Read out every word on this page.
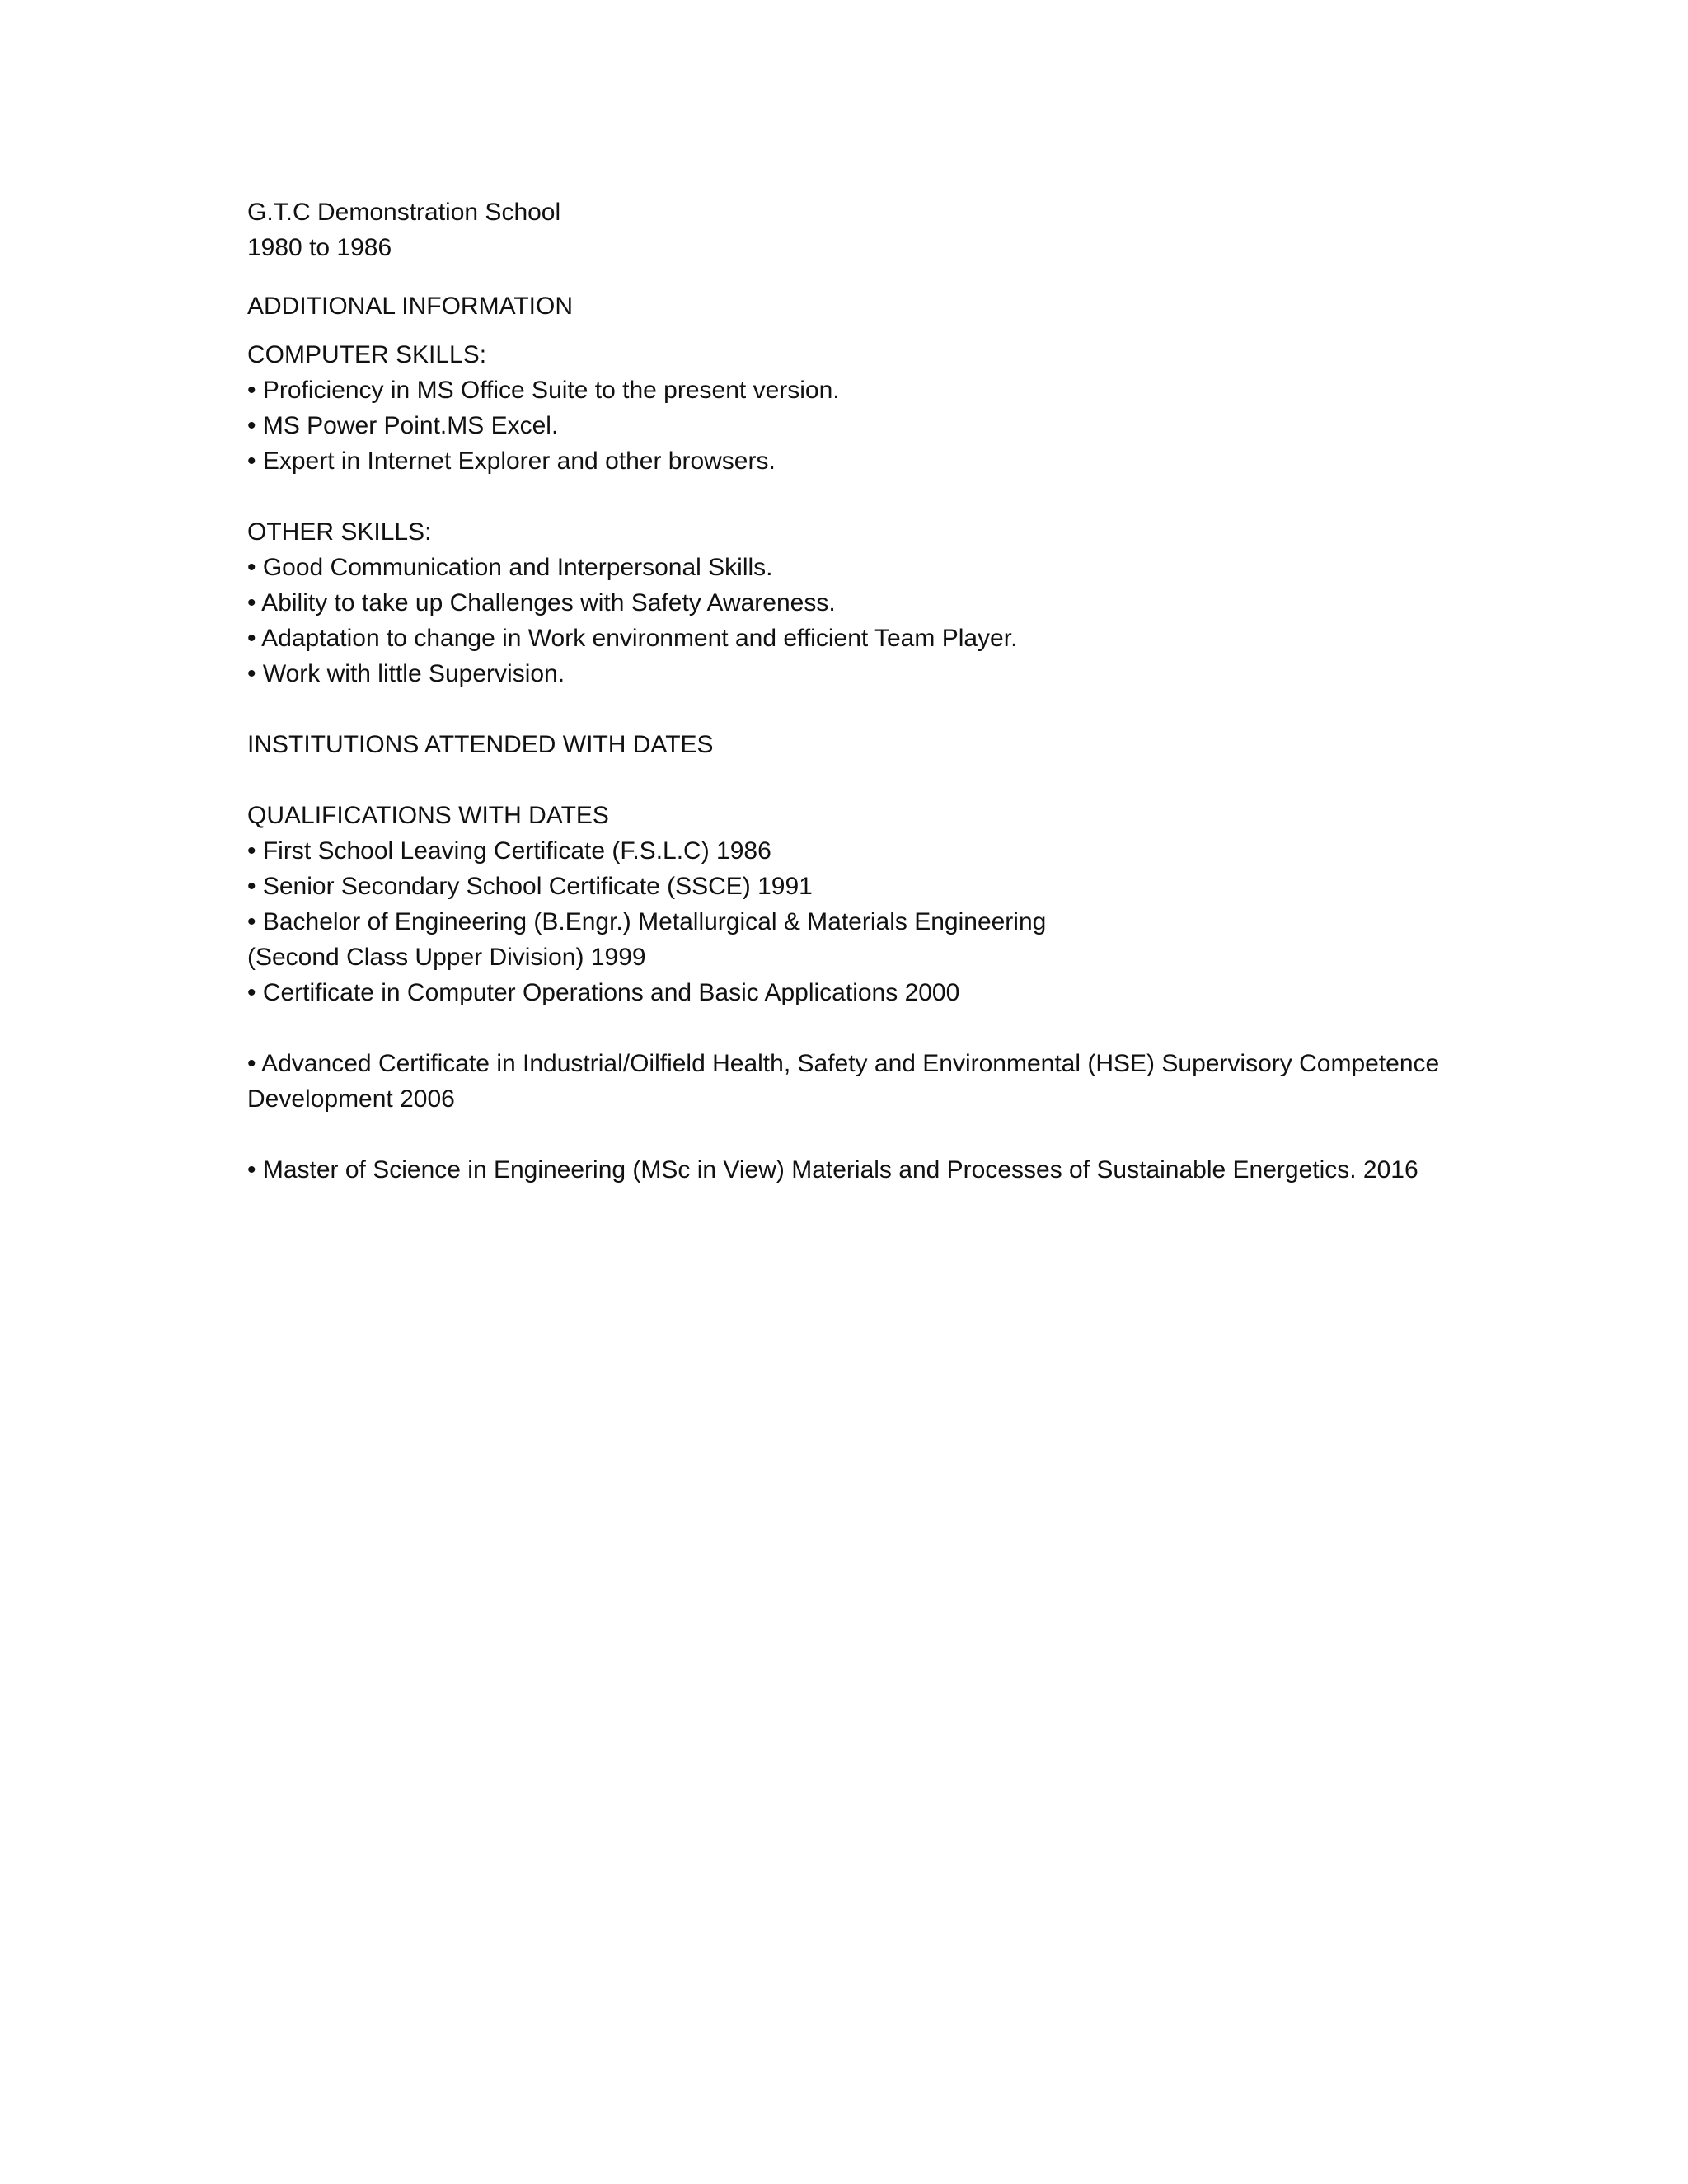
G.T.C Demonstration School
1980 to 1986
ADDITIONAL INFORMATION
COMPUTER SKILLS:
• Proficiency in MS Office Suite to the present version.
• MS Power Point.MS Excel.
• Expert in Internet Explorer and other browsers.
OTHER SKILLS:
• Good Communication and Interpersonal Skills.
• Ability to take up Challenges with Safety Awareness.
• Adaptation to change in Work environment and efficient Team Player.
• Work with little Supervision.
INSTITUTIONS ATTENDED WITH DATES
QUALIFICATIONS WITH DATES
• First School Leaving Certificate (F.S.L.C) 1986
• Senior Secondary School Certificate (SSCE) 1991
• Bachelor of Engineering (B.Engr.) Metallurgical & Materials Engineering
(Second Class Upper Division) 1999
• Certificate in Computer Operations and Basic Applications 2000
• Advanced Certificate in Industrial/Oilfield Health, Safety and Environmental (HSE) Supervisory Competence Development 2006
• Master of Science in Engineering (MSc in View) Materials and Processes of Sustainable Energetics. 2016
